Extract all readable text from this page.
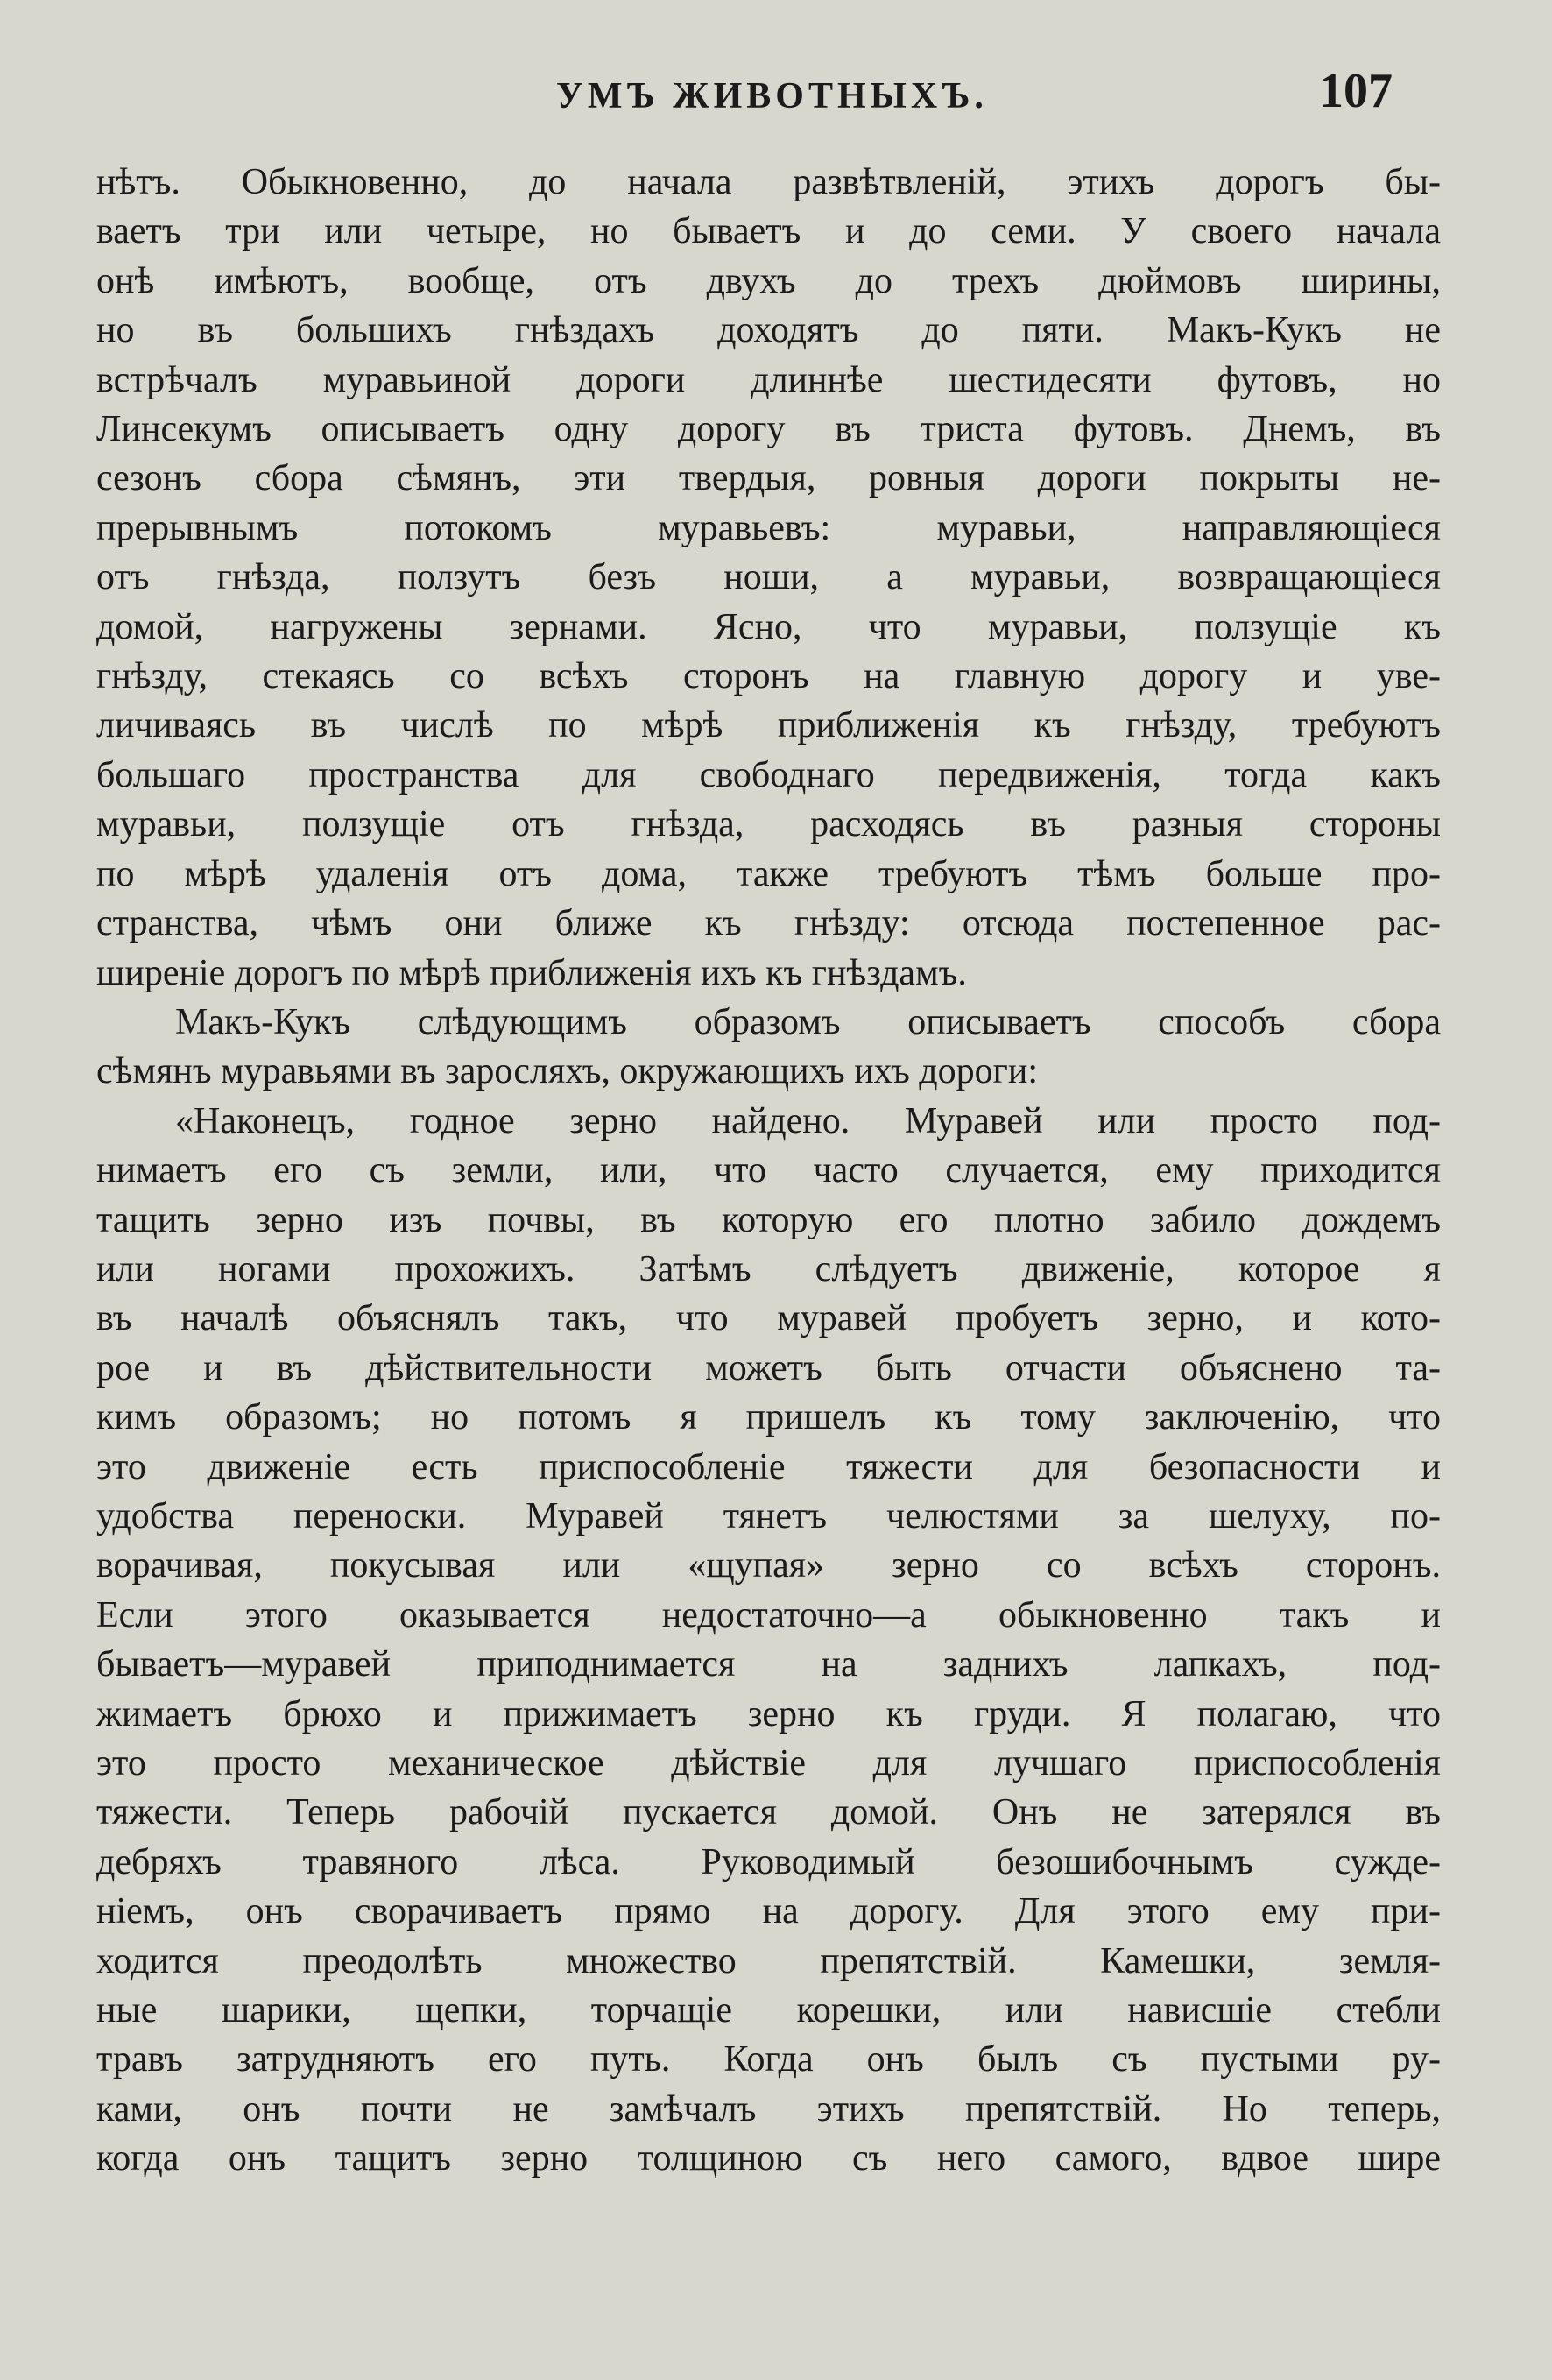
УМЪ ЖИВОТНЫХЪ.	107
нѣтъ. Обыкновенно, до начала развѣтвленій, этихъ дорогъ бы-
ваетъ три или четыре, но бываетъ и до семи. У своего начала
онѣ имѣютъ, вообще, отъ двухъ до трехъ дюймовъ ширины,
но въ большихъ гнѣздахъ доходятъ до пяти. Макъ-Кукъ не
встрѣчалъ муравьиной дороги длиннѣе шестидесяти футовъ, но
Линсекумъ описываетъ одну дорогу въ триста футовъ. Днемъ, въ
сезонъ сбора сѣмянъ, эти твердыя, ровныя дороги покрыты не-
прерывнымъ потокомъ муравьевъ: муравьи, направляющіеся
отъ гнѣзда, ползутъ безъ ноши, а муравьи, возвращающіеся
домой, нагружены зернами. Ясно, что муравьи, ползущіе къ
гнѣзду, стекаясь со всѣхъ сторонъ на главную дорогу и уве-
личиваясь въ числѣ по мѣрѣ приближенія къ гнѣзду, требуютъ
большаго пространства для свободнаго передвиженія, тогда какъ
муравьи, ползущіе отъ гнѣзда, расходясь въ разныя стороны
по мѣрѣ удаленія отъ дома, также требуютъ тѣмъ больше про-
странства, чѣмъ они ближе къ гнѣзду: отсюда постепенное рас-
ширеніе дорогъ по мѣрѣ приближенія ихъ къ гнѣздамъ.
Макъ-Кукъ слѣдующимъ образомъ описываетъ способъ сбора
сѣмянъ муравьями въ заросляхъ, окружающихъ ихъ дороги:
«Наконецъ, годное зерно найдено. Муравей или просто под-
нимаетъ его съ земли, или, что часто случается, ему приходится
тащить зерно изъ почвы, въ которую его плотно забило дождемъ
или ногами прохожихъ. Затѣмъ слѣдуетъ движеніе, которое я
въ началѣ объяснялъ такъ, что муравей пробуетъ зерно, и кото-
рое и въ дѣйствительности можетъ быть отчасти объяснено та-
кимъ образомъ; но потомъ я пришелъ къ тому заключенію, что
это движеніе есть приспособленіе тяжести для безопасности и
удобства переноски. Муравей тянетъ челюстями за шелуху, по-
ворачивая, покусывая или «щупая» зерно со всѣхъ сторонъ.
Если этого оказывается недостаточно—а обыкновенно такъ и
бываетъ—муравей приподнимается на заднихъ лапкахъ, под-
жимаетъ брюхо и прижимаетъ зерно къ груди. Я полагаю, что
это просто механическое дѣйствіе для лучшаго приспособленія
тяжести. Теперь рабочій пускается домой. Онъ не затерялся въ
дебряхъ травяного лѣса. Руководимый безошибочнымъ сужде-
ніемъ, онъ сворачиваетъ прямо на дорогу. Для этого ему при-
ходится преодолѣть множество препятствій. Камешки, земля-
ные шарики, щепки, торчащіе корешки, или нависшіе стебли
травъ затрудняютъ его путь. Когда онъ былъ съ пустыми ру-
ками, онъ почти не замѣчалъ этихъ препятствій. Но теперь,
когда онъ тащитъ зерно толщиною съ него самого, вдвое шире
